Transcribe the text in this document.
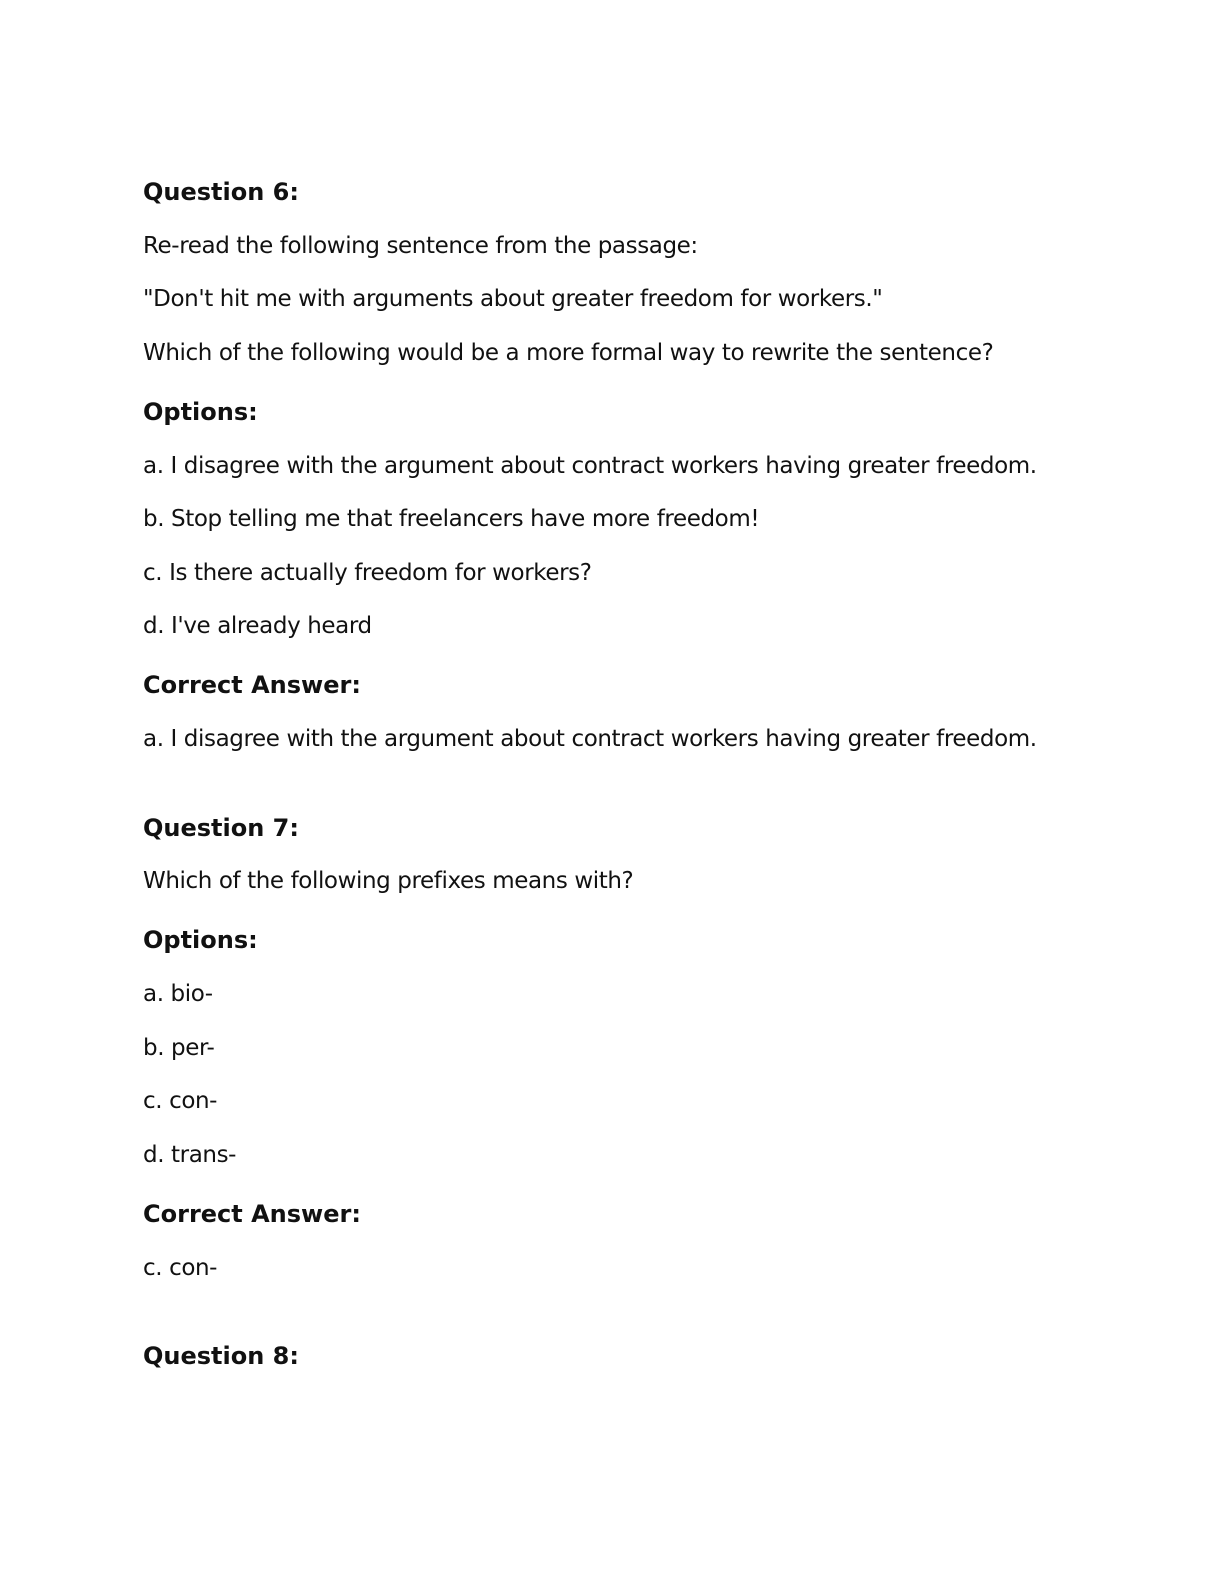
Question 6:

Re-read the following sentence from the passage:

"Don't hit me with arguments about greater freedom for workers."

Which of the following would be a more formal way to rewrite the sentence?

Options:

a. I disagree with the argument about contract workers having greater freedom.

b. Stop telling me that freelancers have more freedom!

c. Is there actually freedom for workers?

d. I've already heard

Correct Answer:

a. I disagree with the argument about contract workers having greater freedom.

Question 7:

Which of the following prefixes means with?

Options:

a. bio-

b. per-

c. con-

d. trans-

Correct Answer:

c. con-

Question 8:
